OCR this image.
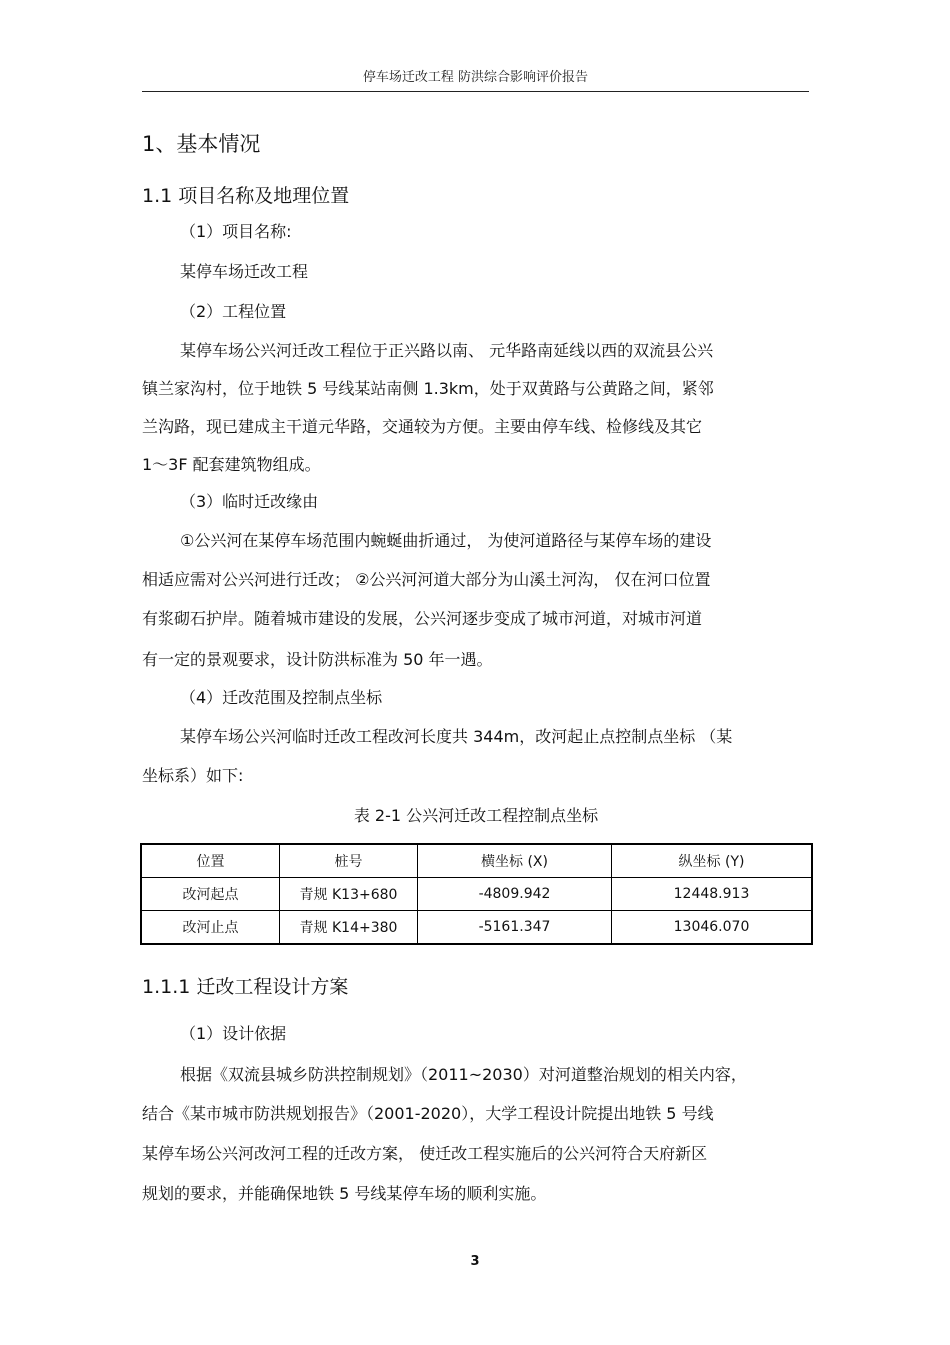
停车场迁改工程 防洪综合影响评价报告
1、基本情况
1.1 项目名称及地理位置
（1）项目名称:
某停车场迁改工程
（2）工程位置
某停车场公兴河迁改工程位于正兴路以南、 元华路南延线以西的双流县公兴
镇兰家沟村，位于地铁 5 号线某站南侧 1.3km，处于双黄路与公黄路之间，紧邻
兰沟路，现已建成主干道元华路，交通较为方便。主要由停车线、检修线及其它
1～3F 配套建筑物组成。
（3）临时迁改缘由
①公兴河在某停车场范围内蜿蜒曲折通过， 为使河道路径与某停车场的建设
相适应需对公兴河进行迁改； ②公兴河河道大部分为山溪土河沟， 仅在河口位置
有浆砌石护岸。随着城市建设的发展，公兴河逐步变成了城市河道，对城市河道
有一定的景观要求，设计防洪标准为 50 年一遇。
（4）迁改范围及控制点坐标
某停车场公兴河临时迁改工程改河长度共 344m，改河起止点控制点坐标 （某
坐标系）如下:
表 2-1 公兴河迁改工程控制点坐标
位置	桩号	横坐标 (X)	纵坐标 (Y)
改河起点	青规 K13+680	-4809.942	12448.913
改河止点	青规 K14+380	-5161.347	13046.070
1.1.1 迁改工程设计方案
（1）设计依据
根据《双流县城乡防洪控制规划》（2011~2030）对河道整治规划的相关内容，
结合《某市城市防洪规划报告》（2001-2020），大学工程设计院提出地铁 5 号线
某停车场公兴河改河工程的迁改方案， 使迁改工程实施后的公兴河符合天府新区
规划的要求，并能确保地铁 5 号线某停车场的顺利实施。
3
